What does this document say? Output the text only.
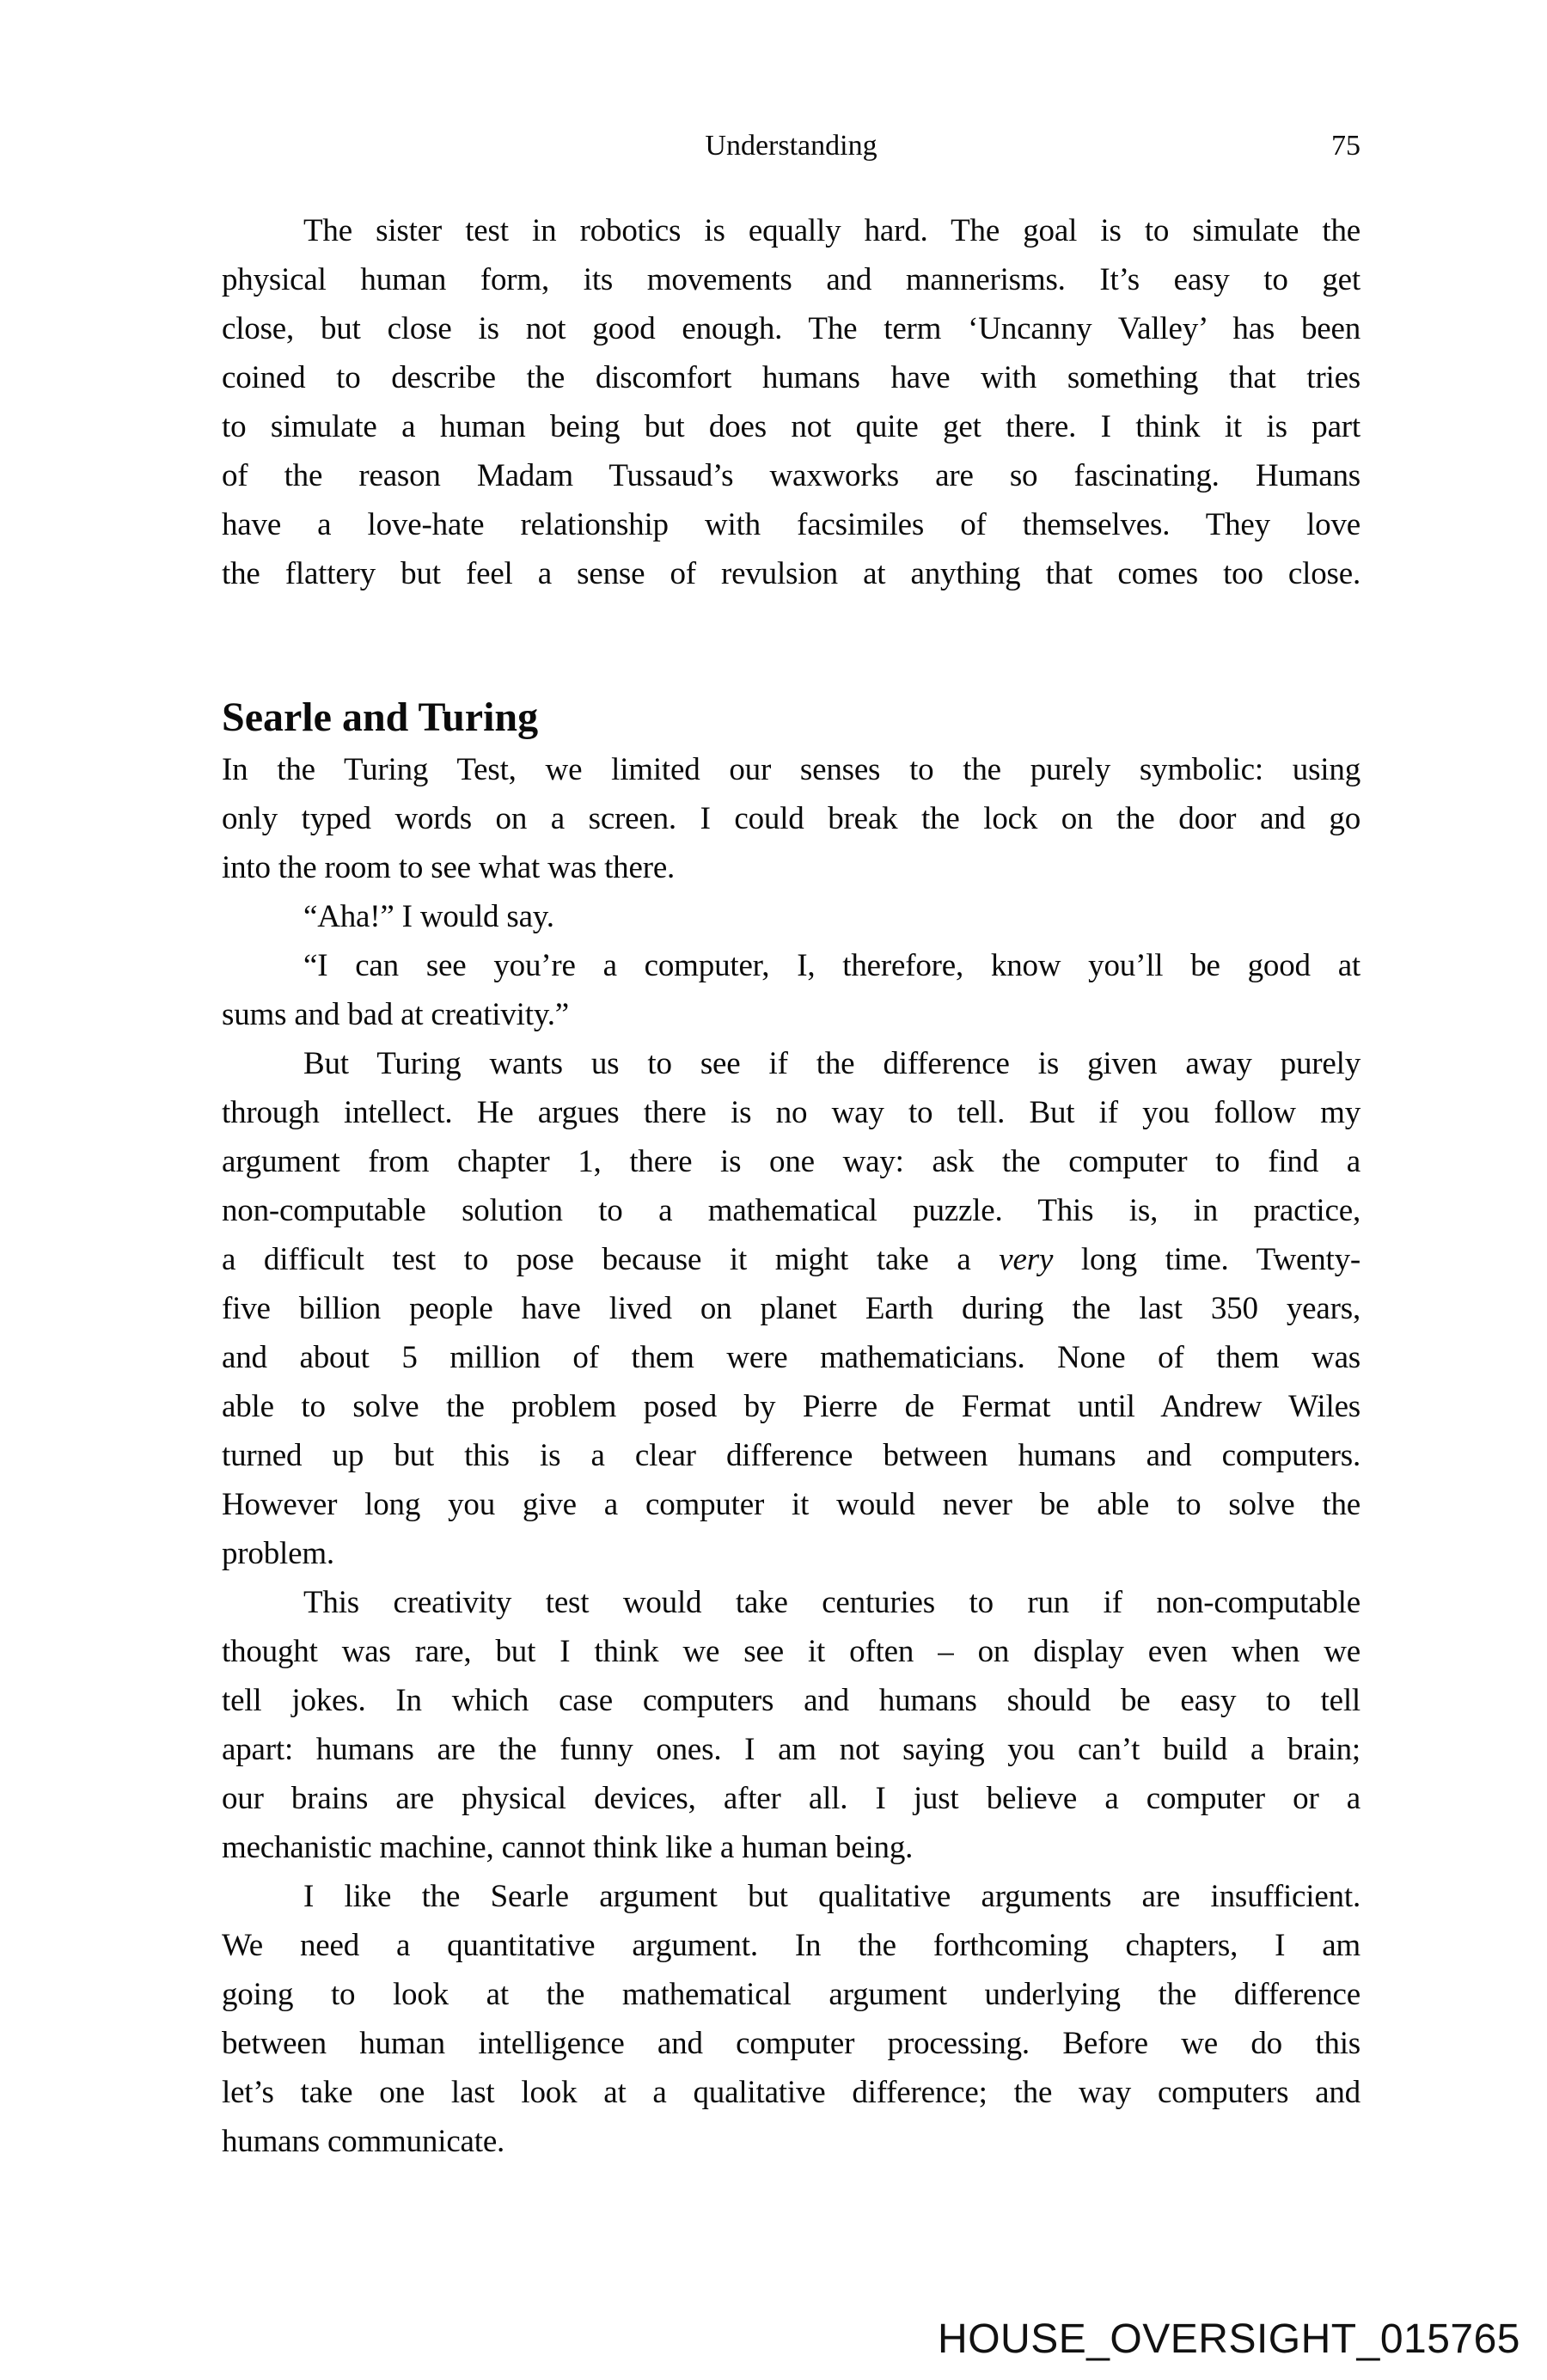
Understanding	75
The sister test in robotics is equally hard. The goal is to simulate the
physical human form, its movements and mannerisms. It’s easy to get
close, but close is not good enough. The term ‘Uncanny Valley’ has been
coined to describe the discomfort humans have with something that tries
to simulate a human being but does not quite get there. I think it is part
of the reason Madam Tussaud’s waxworks are so fascinating. Humans
have a love-hate relationship with facsimiles of themselves. They love
the flattery but feel a sense of revulsion at anything that comes too close.
Searle and Turing
In the Turing Test, we limited our senses to the purely symbolic: using
only typed words on a screen. I could break the lock on the door and go
into the room to see what was there.
“Aha!” I would say.
“I can see you’re a computer, I, therefore, know you’ll be good at
sums and bad at creativity.”
But Turing wants us to see if the difference is given away purely
through intellect. He argues there is no way to tell. But if you follow my
argument from chapter 1, there is one way: ask the computer to find a
non-computable solution to a mathematical puzzle. This is, in practice,
a difficult test to pose because it might take a very long time. Twenty-
five billion people have lived on planet Earth during the last 350 years,
and about 5 million of them were mathematicians. None of them was
able to solve the problem posed by Pierre de Fermat until Andrew Wiles
turned up but this is a clear difference between humans and computers.
However long you give a computer it would never be able to solve the
problem.
This creativity test would take centuries to run if non-computable
thought was rare, but I think we see it often – on display even when we
tell jokes. In which case computers and humans should be easy to tell
apart: humans are the funny ones. I am not saying you can’t build a brain;
our brains are physical devices, after all. I just believe a computer or a
mechanistic machine, cannot think like a human being.
I like the Searle argument but qualitative arguments are insufficient.
We need a quantitative argument. In the forthcoming chapters, I am
going to look at the mathematical argument underlying the difference
between human intelligence and computer processing. Before we do this
let’s take one last look at a qualitative difference; the way computers and
humans communicate.
HOUSE_OVERSIGHT_015765
